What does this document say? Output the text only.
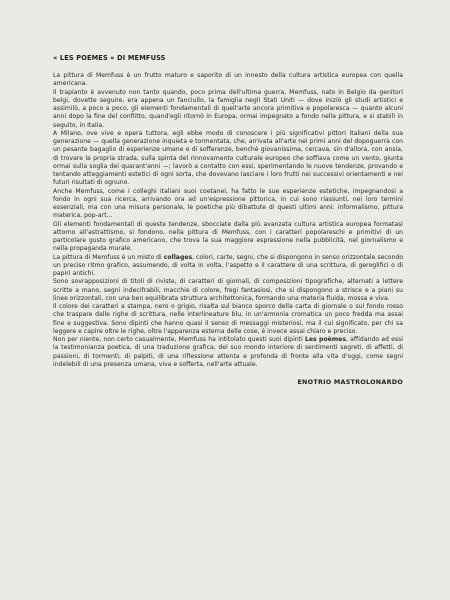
« LES POEMES » DI MEMFUSS

La pittura di Memfuss è un frutto maturo e saporito di un innesto della cultura artistica europea con quella americana.

Il trapianto è avvenuto non tanto quando, poco prima dell'ultima guerra, Memfuss, nato in Belgio da genitori belgi, dovette seguire, era appena un fanciullo, la famiglia negli Stati Uniti — dove iniziò gli studi artistici e assimilò, a poco a poco, gli elementi fondamentali di quell'arte ancora primitiva e popolaresca — quanto alcuni anni dopo la fine del conflitto, quand'egli ritornò in Europa, ormai impegnato a fondo nella pittura, e si stabilì in seguito, in Italia.

A Milano, ove vive e opera tuttora, egli ebbe modo di conoscere i più significativi pittori italiani della sua generazione — quella generazione inquieta e tormentata, che, arrivata all'arte nei primi anni del dopoguerra con un pesante bagaglio di esperienze umane e di sofferenze, benchè giovanissima, cercava, sin d'allora, con ansia, di trovare la propria strada, sulla spinta del rinnovamento culturale europeo che soffiava come un vento, giunta ormai sulla soglia dei quarant'anni —; lavorò a contatto con essi, sperimentando le nuove tendenze, provando e tentando atteggiamenti estetici di ogni sorta, che dovevano lasciare i loro frutti nei successivi orientamenti e nei futuri risultati di ognuno.

Anche Memfuss, come i colleghi italiani suoi coetanei, ha fatto le sue esperienze estetiche, impegnandosi a fondo in ogni sua ricerca, arrivando ora ad un'espressione pittorica, in cui sono riassunti, nei loro termini essenziali, ma con una misura personale, le poetiche più dibattute di questi ultimi anni: informalismo, pittura materica, pop-art...

Gli elementi fondamentali di queste tendenze, sbocciate dalla più avanzata cultura artistica europea formatasi attorno all'astrattismo, si fondono, nella pittura di Memfuss, con i caratteri popolareschi e primitivi di un particolare gusto grafico americano, che trova la sua maggiore espressione nella pubblicità, nel giornalismo e nella propaganda murale.

La pittura di Memfuss è un misto di collages, colori, carte, segni, che si dispongono in senso orizzontale secondo un preciso ritmo grafico, assumendo, di volta in volta, l'aspetto e il carattere di una scrittura, di geroglifici o di papiri antichi.

Sono sovrapposizioni di titoli di riviste, di caratteri di giornali, di composizioni tipografiche, alternati a lettere scritte a mano, segni indecifrabili, macchie di colore, fregi fantasiosi, che si dispongono a strisce e a piani su linee orizzontali, con una ben equilibrata struttura architettonica, formando una materia fluida, mossa e viva.

Il colore dei caratteri a stampa, nero o grigio, risalta sul bianco sporco della carta di giornale o sul fondo rosso che traspare dalle righe di scrittura, nelle interlineature blu, in un'armonia cromatica un poco fredda ma assai fine e suggestiva. Sono dipinti che hanno quasi il senso di messaggi misteriosi, ma il cui significato, per chi sa leggere e capire oltre le righe, oltre l'apparenza esterna delle cose, è invece assai chiaro e preciso.

Non per niente, non certo casualmente, Memfuss ha intitolato questi suoi dipinti Les poèmes, affidando ad essi la testimonianza poetica, di una traduzione grafica, del suo mondo interiore di sentimenti segreti, di affetti, di passioni, di tormenti, di palpiti, di una riflessione attenta e profonda di fronte alla vita d'oggi, come segni indelebili di una presenza umana, viva e sofferta, nell'arte attuale.

ENOTRIO MASTROLONARDO
